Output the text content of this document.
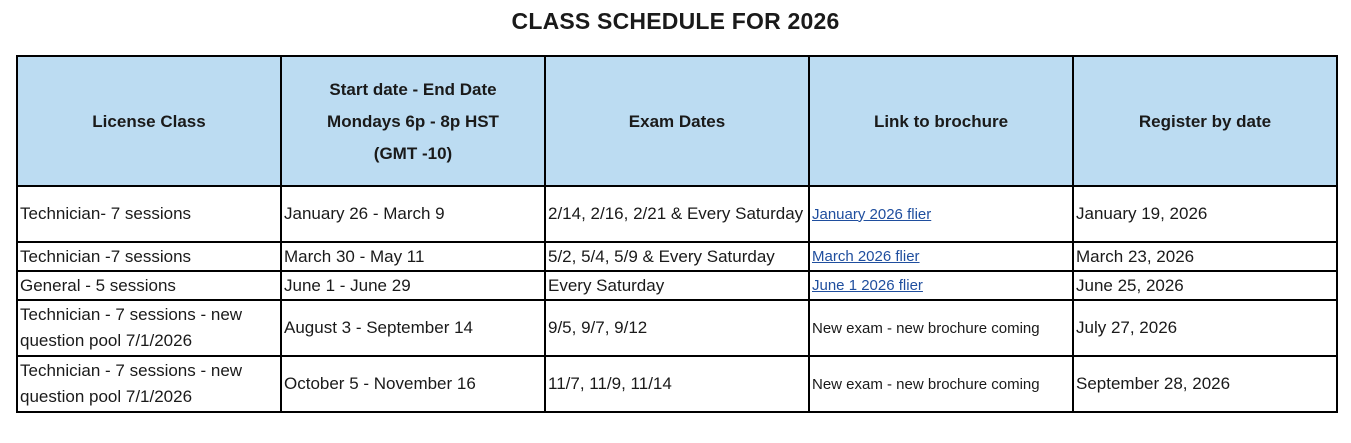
CLASS SCHEDULE FOR 2026
License Class	Start date - End Date
Mondays 6p - 8p HST
(GMT -10)	Exam Dates	Link to brochure	Register by date
Technician- 7 sessions	January 26 - March 9	2/14, 2/16, 2/21 & Every Saturday	January 2026 flier	January 19, 2026
Technician -7 sessions	March 30 - May 11	5/2, 5/4, 5/9 & Every Saturday	March 2026 flier	March 23, 2026
General - 5 sessions	June 1 - June 29	Every Saturday	June 1 2026 flier	June 25, 2026
Technician - 7 sessions - new question pool 7/1/2026	August 3 - September 14	9/5, 9/7, 9/12	New exam - new brochure coming	July 27, 2026
Technician - 7 sessions - new question pool 7/1/2026	October 5 - November 16	11/7, 11/9, 11/14	New exam - new brochure coming	September 28, 2026
